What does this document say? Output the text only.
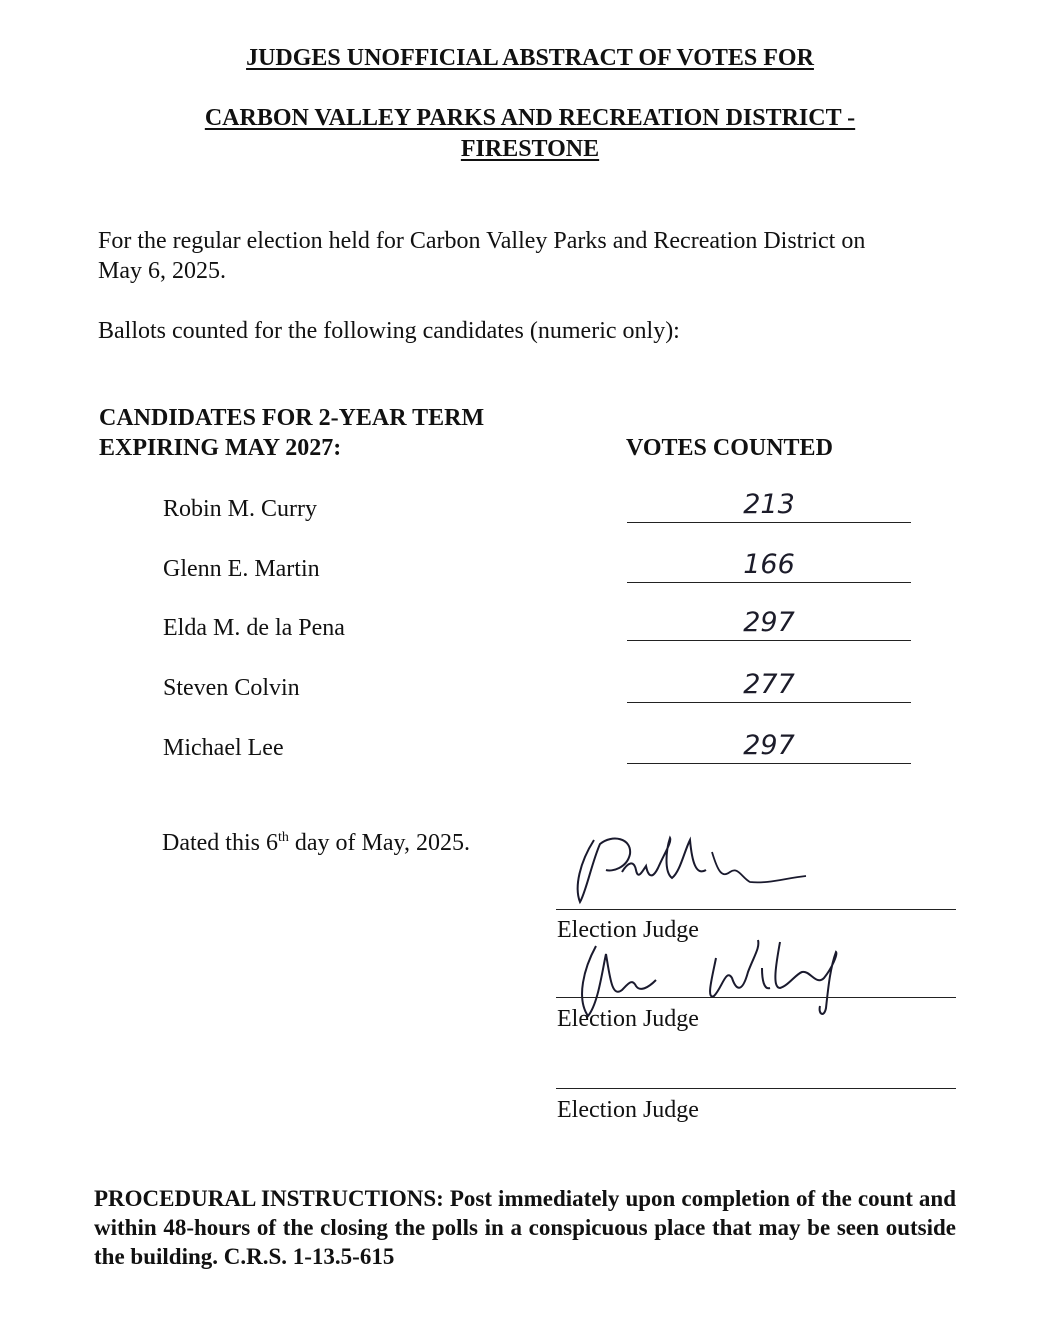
JUDGES UNOFFICIAL ABSTRACT OF VOTES FOR
CARBON VALLEY PARKS AND RECREATION DISTRICT -
FIRESTONE
For the regular election held for Carbon Valley Parks and Recreation District on
May 6, 2025.
Ballots counted for the following candidates (numeric only):
CANDIDATES FOR 2-YEAR TERM
EXPIRING MAY 2027:	VOTES COUNTED
Robin M. Curry	213
Glenn E. Martin	166
Elda M. de la Pena	297
Steven Colvin	277
Michael Lee	297
Dated this 6th day of May, 2025.
Election Judge
Election Judge
Election Judge
PROCEDURAL INSTRUCTIONS: Post immediately upon completion of the count and within 48-hours of the closing the polls in a conspicuous place that may be seen outside the building. C.R.S. 1-13.5-615
